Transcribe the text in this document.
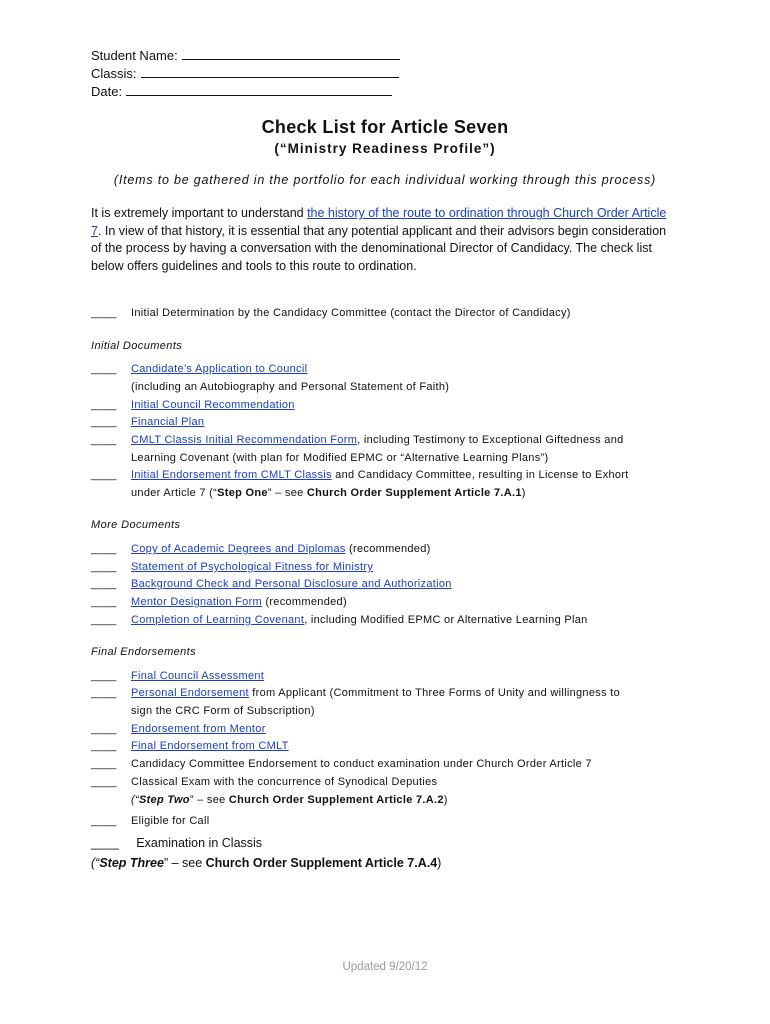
Student Name:
Classis:
Date:
Check List for Article Seven
(“Ministry Readiness Profile”)
(Items to be gathered in the portfolio for each individual working through this process)
It is extremely important to understand the history of the route to ordination through Church Order Article 7. In view of that history, it is essential that any potential applicant and their advisors begin consideration of the process by having a conversation with the denominational Director of Candidacy. The check list below offers guidelines and tools to this route to ordination.
____ Initial Determination by the Candidacy Committee (contact the Director of Candidacy)
Initial Documents
____ Candidate’s Application to Council
(including an Autobiography and Personal Statement of Faith)
____ Initial Council Recommendation
____ Financial Plan
____ CMLT Classis Initial Recommendation Form, including Testimony to Exceptional Giftedness and
Learning Covenant (with plan for Modified EPMC or “Alternative Learning Plans”)
____ Initial Endorsement from CMLT Classis and Candidacy Committee, resulting in License to Exhort
under Article 7 (“Step One” – see Church Order Supplement Article 7.A.1)
More Documents
____ Copy of Academic Degrees and Diplomas (recommended)
____ Statement of Psychological Fitness for Ministry
____ Background Check and Personal Disclosure and Authorization
____ Mentor Designation Form (recommended)
____ Completion of Learning Covenant, including Modified EPMC or Alternative Learning Plan
Final Endorsements
____ Final Council Assessment
____ Personal Endorsement from Applicant (Commitment to Three Forms of Unity and willingness to
sign the CRC Form of Subscription)
____ Endorsement from Mentor
____ Final Endorsement from CMLT
____ Candidacy Committee Endorsement to conduct examination under Church Order Article 7
____ Classical Exam with the concurrence of Synodical Deputies
(“Step Two” – see Church Order Supplement Article 7.A.2)
____ Eligible for Call
____ Examination in Classis
(“Step Three” – see Church Order Supplement Article 7.A.4)
Updated 9/20/12
